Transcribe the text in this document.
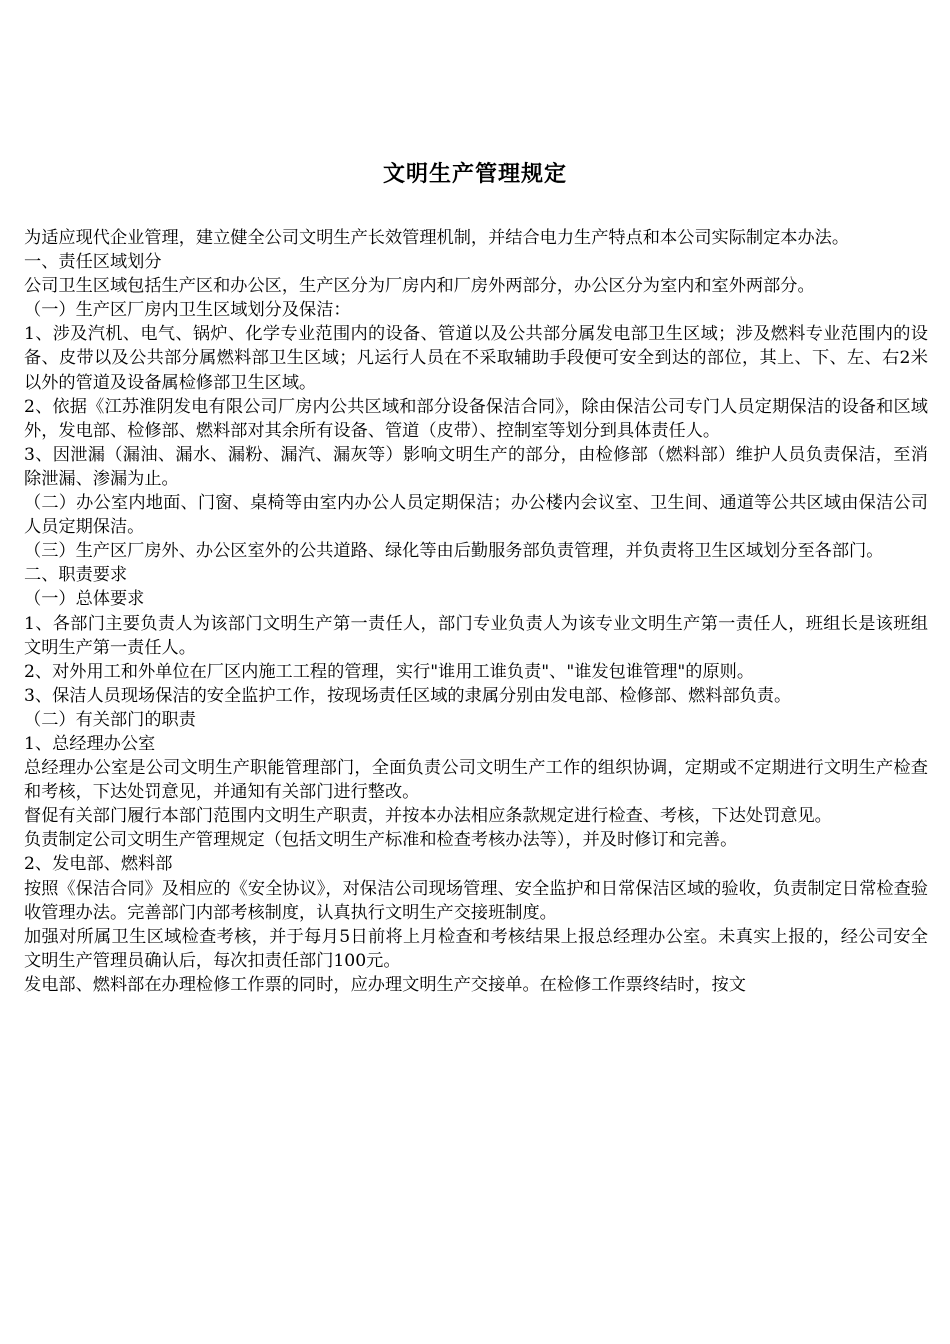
文明生产管理规定

为适应现代企业管理，建立健全公司文明生产长效管理机制，并结合电力生产特点和本公司实际制定本办法。

一、责任区域划分

公司卫生区域包括生产区和办公区，生产区分为厂房内和厂房外两部分，办公区分为室内和室外两部分。

（一）生产区厂房内卫生区域划分及保洁：

1、涉及汽机、电气、锅炉、化学专业范围内的设备、管道以及公共部分属发电部卫生区域；涉及燃料专业范围内的设备、皮带以及公共部分属燃料部卫生区域；凡运行人员在不采取辅助手段便可安全到达的部位，其上、下、左、右2米以外的管道及设备属检修部卫生区域。

2、依据《江苏淮阴发电有限公司厂房内公共区域和部分设备保洁合同》，除由保洁公司专门人员定期保洁的设备和区域外，发电部、检修部、燃料部对其余所有设备、管道（皮带）、控制室等划分到具体责任人。

3、因泄漏（漏油、漏水、漏粉、漏汽、漏灰等）影响文明生产的部分，由检修部（燃料部）维护人员负责保洁，至消除泄漏、渗漏为止。

（二）办公室内地面、门窗、桌椅等由室内办公人员定期保洁；办公楼内会议室、卫生间、通道等公共区域由保洁公司人员定期保洁。

（三）生产区厂房外、办公区室外的公共道路、绿化等由后勤服务部负责管理，并负责将卫生区域划分至各部门。

二、职责要求

（一）总体要求

1、各部门主要负责人为该部门文明生产第一责任人，部门专业负责人为该专业文明生产第一责任人，班组长是该班组文明生产第一责任人。

2、对外用工和外单位在厂区内施工工程的管理，实行"谁用工谁负责"、"谁发包谁管理"的原则。

3、保洁人员现场保洁的安全监护工作，按现场责任区域的隶属分别由发电部、检修部、燃料部负责。

（二）有关部门的职责

1、总经理办公室

总经理办公室是公司文明生产职能管理部门，全面负责公司文明生产工作的组织协调，定期或不定期进行文明生产检查和考核，下达处罚意见，并通知有关部门进行整改。

督促有关部门履行本部门范围内文明生产职责，并按本办法相应条款规定进行检查、考核，下达处罚意见。

负责制定公司文明生产管理规定（包括文明生产标准和检查考核办法等），并及时修订和完善。

2、发电部、燃料部

按照《保洁合同》及相应的《安全协议》，对保洁公司现场管理、安全监护和日常保洁区域的验收，负责制定日常检查验收管理办法。完善部门内部考核制度，认真执行文明生产交接班制度。

加强对所属卫生区域检查考核，并于每月5日前将上月检查和考核结果上报总经理办公室。未真实上报的，经公司安全文明生产管理员确认后，每次扣责任部门100元。

发电部、燃料部在办理检修工作票的同时，应办理文明生产交接单。在检修工作票终结时，按文
